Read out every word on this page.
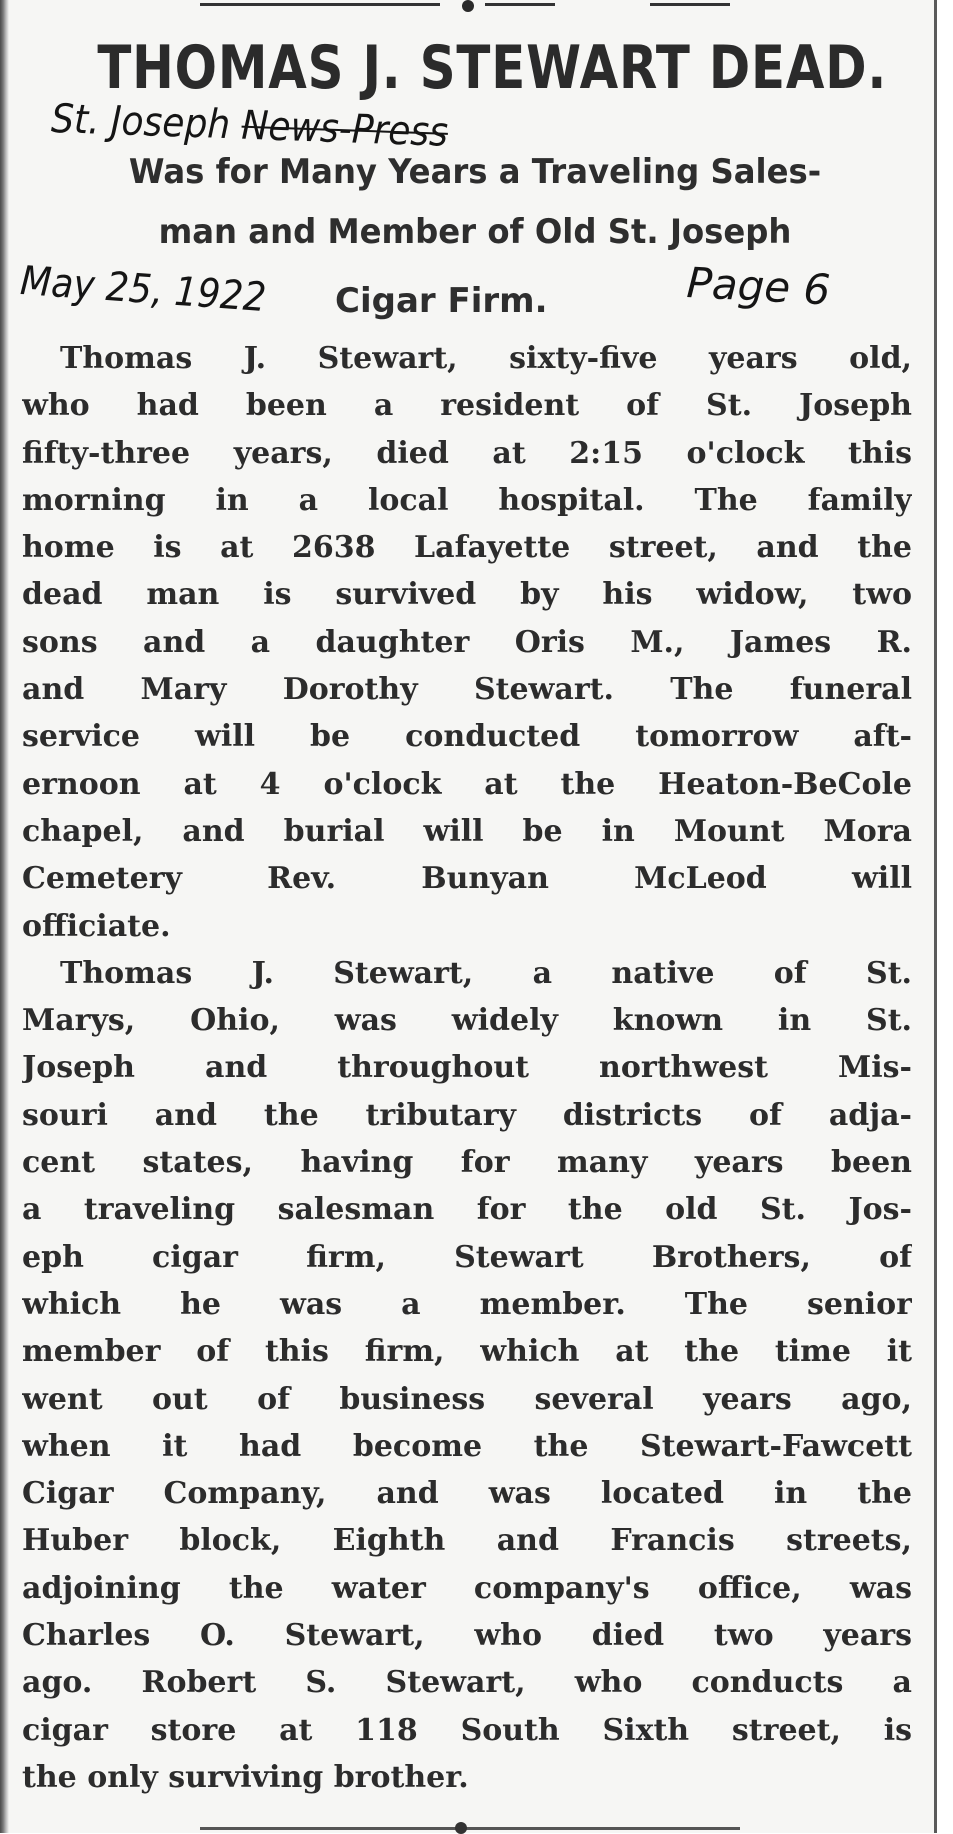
THOMAS J. STEWART DEAD.
St. Joseph News-Press
Was for Many Years a Traveling Sales-
man and Member of Old St. Joseph
Cigar Firm.
May 25, 1922	Page 6
Thomas J. Stewart, sixty-five years old,
who had been a resident of St. Joseph
fifty-three years, died at 2:15 o'clock this
morning in a local hospital. The family
home is at 2638 Lafayette street, and the
dead man is survived by his widow, two
sons and a daughter Oris M., James R.
and Mary Dorothy Stewart. The funeral
service will be conducted tomorrow aft-
ernoon at 4 o'clock at the Heaton-BeCole
chapel, and burial will be in Mount Mora
Cemetery Rev. Bunyan McLeod will
officiate.
Thomas J. Stewart, a native of St.
Marys, Ohio, was widely known in St.
Joseph and throughout northwest Mis-
souri and the tributary districts of adja-
cent states, having for many years been
a traveling salesman for the old St. Jos-
eph cigar firm, Stewart Brothers, of
which he was a member. The senior
member of this firm, which at the time it
went out of business several years ago,
when it had become the Stewart-Fawcett
Cigar Company, and was located in the
Huber block, Eighth and Francis streets,
adjoining the water company's office, was
Charles O. Stewart, who died two years
ago. Robert S. Stewart, who conducts a
cigar store at 118 South Sixth street, is
the only surviving brother.
